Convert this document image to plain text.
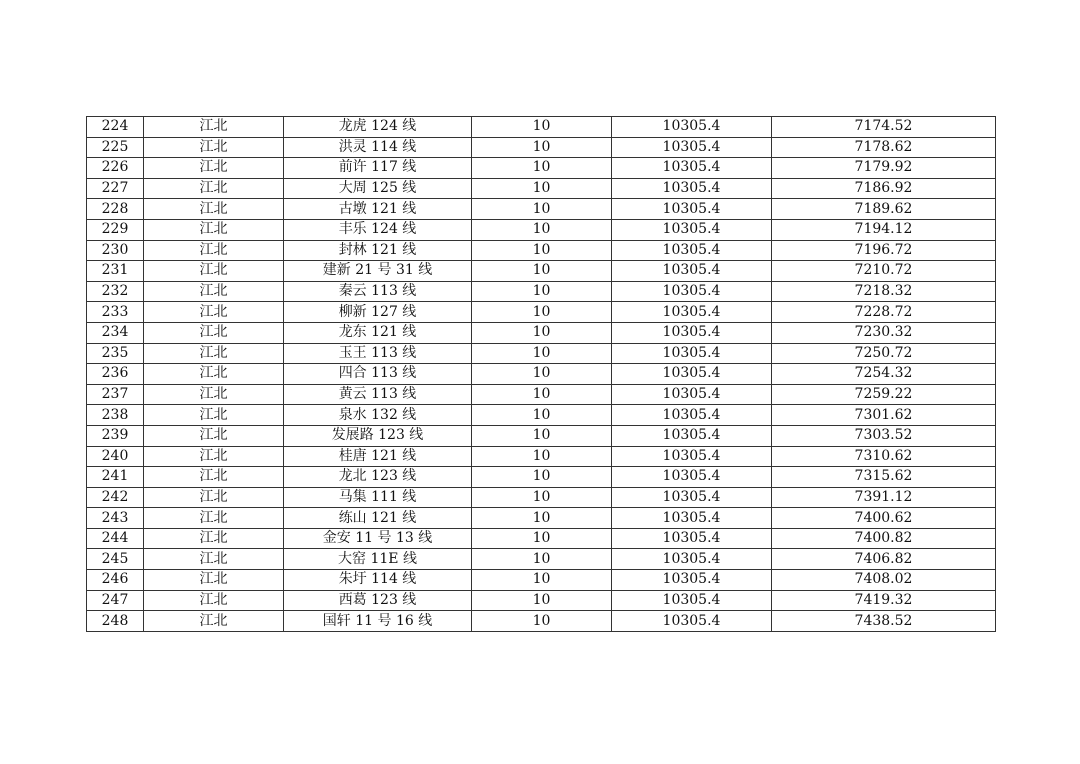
224	江北	龙虎 124 线	10	10305.4	7174.52
225	江北	洪灵 114 线	10	10305.4	7178.62
226	江北	前许 117 线	10	10305.4	7179.92
227	江北	大周 125 线	10	10305.4	7186.92
228	江北	古墩 121 线	10	10305.4	7189.62
229	江北	丰乐 124 线	10	10305.4	7194.12
230	江北	封林 121 线	10	10305.4	7196.72
231	江北	建新 21 号 31 线	10	10305.4	7210.72
232	江北	秦云 113 线	10	10305.4	7218.32
233	江北	柳新 127 线	10	10305.4	7228.72
234	江北	龙东 121 线	10	10305.4	7230.32
235	江北	玉王 113 线	10	10305.4	7250.72
236	江北	四合 113 线	10	10305.4	7254.32
237	江北	黄云 113 线	10	10305.4	7259.22
238	江北	泉水 132 线	10	10305.4	7301.62
239	江北	发展路 123 线	10	10305.4	7303.52
240	江北	桂唐 121 线	10	10305.4	7310.62
241	江北	龙北 123 线	10	10305.4	7315.62
242	江北	马集 111 线	10	10305.4	7391.12
243	江北	练山 121 线	10	10305.4	7400.62
244	江北	金安 11 号 13 线	10	10305.4	7400.82
245	江北	大窑 11E 线	10	10305.4	7406.82
246	江北	朱圩 114 线	10	10305.4	7408.02
247	江北	西葛 123 线	10	10305.4	7419.32
248	江北	国轩 11 号 16 线	10	10305.4	7438.52
